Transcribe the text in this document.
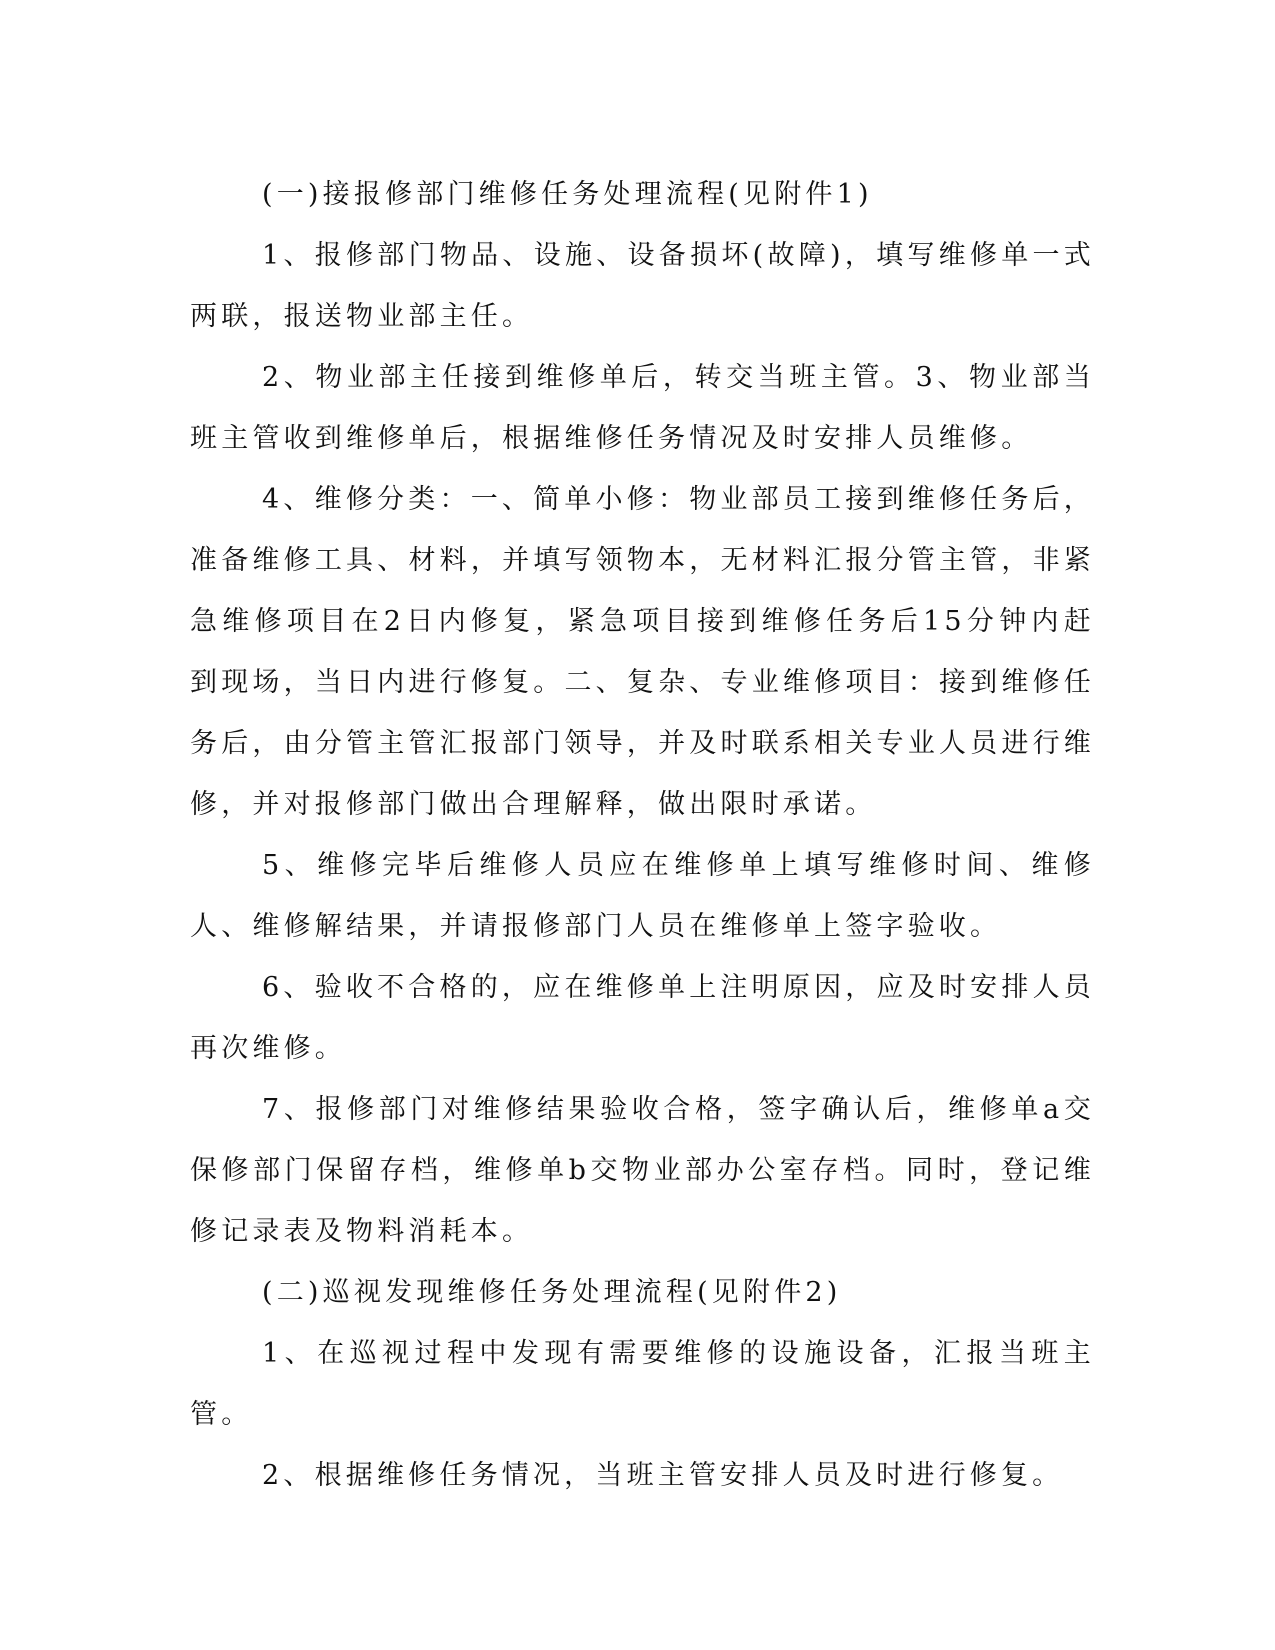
(一)接报修部门维修任务处理流程(见附件1)

1、报修部门物品、设施、设备损坏(故障)，填写维修单一式两联，报送物业部主任。

2、物业部主任接到维修单后，转交当班主管。3、物业部当班主管收到维修单后，根据维修任务情况及时安排人员维修。

4、维修分类：一、简单小修：物业部员工接到维修任务后，准备维修工具、材料，并填写领物本，无材料汇报分管主管，非紧急维修项目在2日内修复，紧急项目接到维修任务后15分钟内赶到现场，当日内进行修复。二、复杂、专业维修项目：接到维修任务后，由分管主管汇报部门领导，并及时联系相关专业人员进行维修，并对报修部门做出合理解释，做出限时承诺。

5、维修完毕后维修人员应在维修单上填写维修时间、维修人、维修解结果，并请报修部门人员在维修单上签字验收。

6、验收不合格的，应在维修单上注明原因，应及时安排人员再次维修。

7、报修部门对维修结果验收合格，签字确认后，维修单a交保修部门保留存档，维修单b交物业部办公室存档。同时，登记维修记录表及物料消耗本。

(二)巡视发现维修任务处理流程(见附件2)

1、在巡视过程中发现有需要维修的设施设备，汇报当班主管。

2、根据维修任务情况，当班主管安排人员及时进行修复。
